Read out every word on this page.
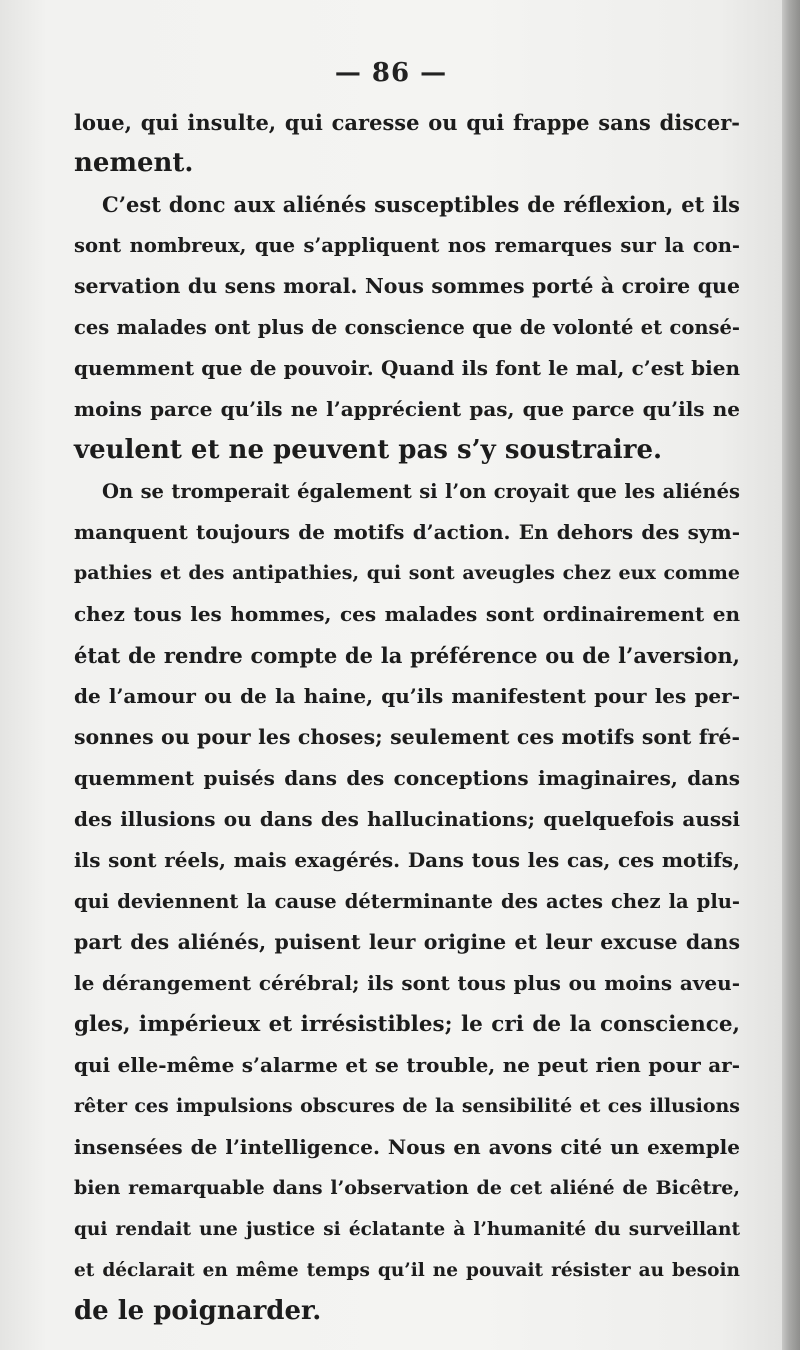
— 86 —
loue, qui insulte, qui caresse ou qui frappe sans discer-
nement.
C’est donc aux aliénés susceptibles de réflexion, et ils
sont nombreux, que s’appliquent nos remarques sur la con-
servation du sens moral. Nous sommes porté à croire que
ces malades ont plus de conscience que de volonté et consé-
quemment que de pouvoir. Quand ils font le mal, c’est bien
moins parce qu’ils ne l’apprécient pas, que parce qu’ils ne
veulent et ne peuvent pas s’y soustraire.
On se tromperait également si l’on croyait que les aliénés
manquent toujours de motifs d’action. En dehors des sym-
pathies et des antipathies, qui sont aveugles chez eux comme
chez tous les hommes, ces malades sont ordinairement en
état de rendre compte de la préférence ou de l’aversion,
de l’amour ou de la haine, qu’ils manifestent pour les per-
sonnes ou pour les choses; seulement ces motifs sont fré-
quemment puisés dans des conceptions imaginaires, dans
des illusions ou dans des hallucinations; quelquefois aussi
ils sont réels, mais exagérés. Dans tous les cas, ces motifs,
qui deviennent la cause déterminante des actes chez la plu-
part des aliénés, puisent leur origine et leur excuse dans
le dérangement cérébral; ils sont tous plus ou moins aveu-
gles, impérieux et irrésistibles; le cri de la conscience,
qui elle-même s’alarme et se trouble, ne peut rien pour ar-
rêter ces impulsions obscures de la sensibilité et ces illusions
insensées de l’intelligence. Nous en avons cité un exemple
bien remarquable dans l’observation de cet aliéné de Bicêtre,
qui rendait une justice si éclatante à l’humanité du surveillant
et déclarait en même temps qu’il ne pouvait résister au besoin
de le poignarder.
